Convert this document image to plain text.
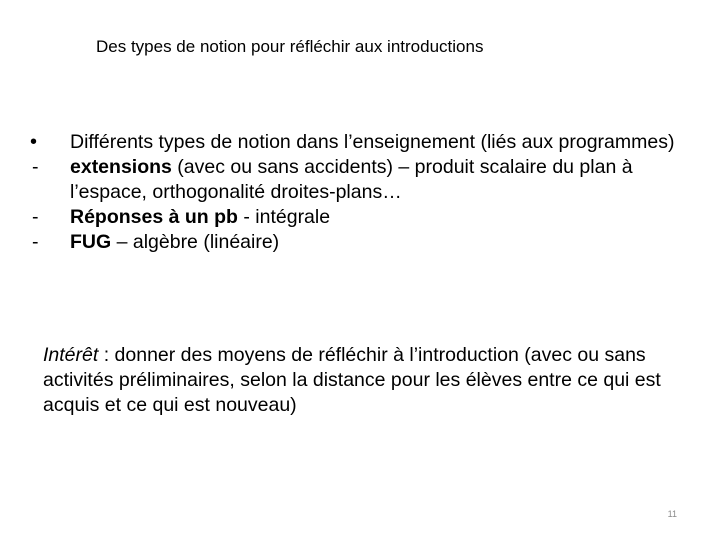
Des types de notion pour réfléchir aux introductions
•	Différents types de notion dans l’enseignement (liés aux programmes)
-	extensions (avec ou sans accidents) – produit scalaire du plan à l’espace, orthogonalité droites-plans…
-	Réponses à un pb - intégrale
-	FUG – algèbre (linéaire)
Intérêt : donner des moyens de réfléchir à l’introduction (avec ou sans activités préliminaires, selon la distance pour les élèves entre ce qui est acquis et ce qui est nouveau)
11
